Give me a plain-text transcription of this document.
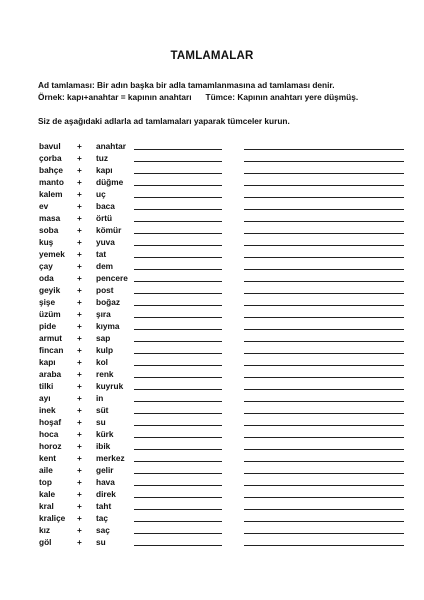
TAMLAMALAR
Ad tamlaması: Bir adın başka bir adla tamamlanmasına ad tamlaması denir.
Örnek: kapı+anahtar = kapının anahtarı Tümce: Kapının anahtarı yere düşmüş.
Siz de aşağıdaki adlarla ad tamlamaları yaparak tümceler kurun.
bavul + anahtar
çorba + tuz
bahçe + kapı
manto + düğme
kalem + uç
ev	+ baca
masa + örtü
soba + kömür
kuş	+ yuva
yemek + tat
çay	+ dem
oda	+ pencere
geyik + post
şişe	+ boğaz
üzüm + şıra
pide	+ kıyma
armut + sap
fincan + kulp
kapı	+ kol
araba + renk
tilki	+ kuyruk
ayı	+ in
inek	+ süt
hoşaf + su
hoca + kürk
horoz + ibik
kent	+ merkez
aile	+ gelir
top	+ hava
kale	+ direk
kral	+ taht
kraliçe + taç
kız	+ saç
göl	+ su
